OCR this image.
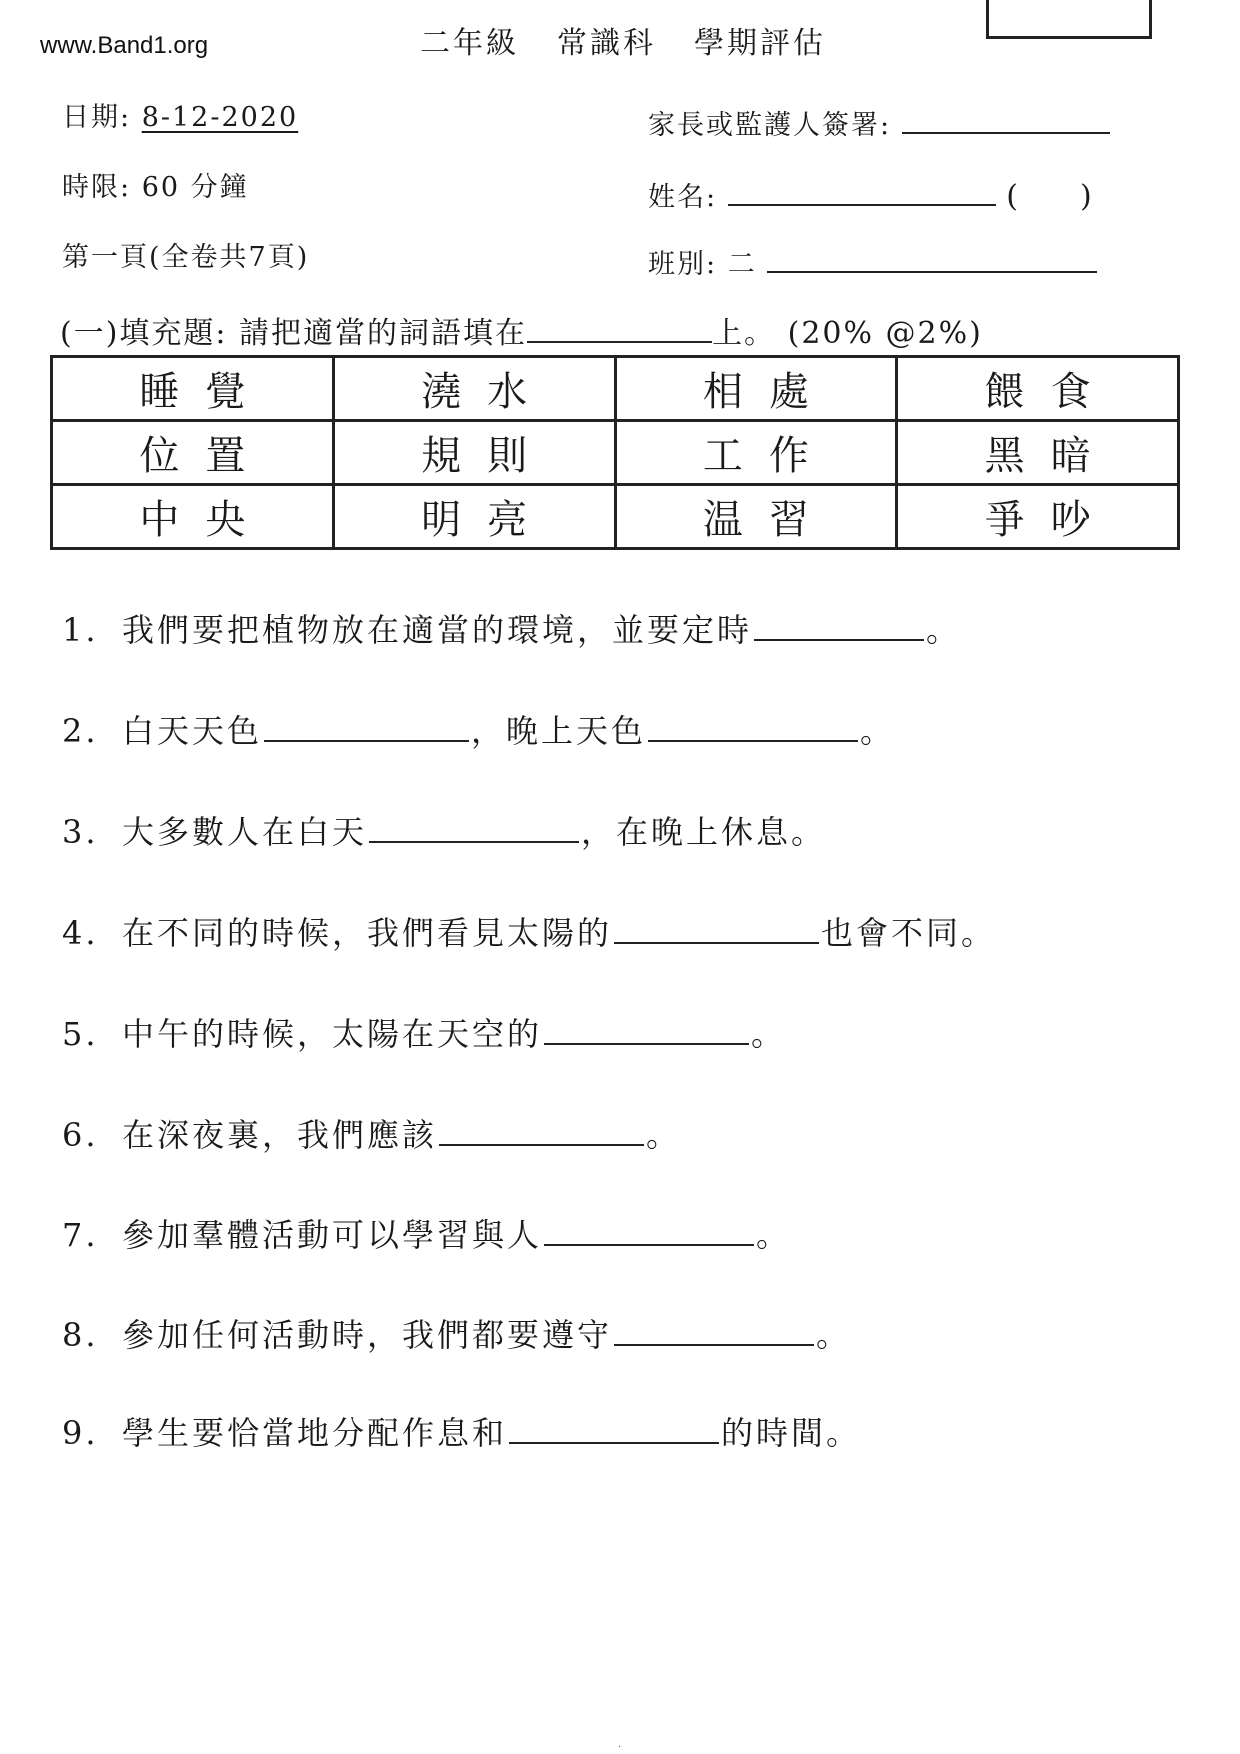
www.Band1.org	二年級 常識科 學期評估
日期: 8-12-2020
時限: 60 分鐘
第一頁(全卷共7頁)
家長或監護人簽署:
姓名:	( )
班別: 二
(一)填充題: 請把適當的詞語填在	上。 (20% @2%)
睡覺	澆水	相處	餵食
位置	規則	工作	黑暗
中央	明亮	温習	爭吵
1. 我們要把植物放在適當的環境，並要定時	。
2. 白天天色	，晚上天色	。
3. 大多數人在白天	，在晚上休息。
4. 在不同的時候，我們看見太陽的	也會不同。
5. 中午的時候，太陽在天空的	。
6. 在深夜裏，我們應該	。
7. 參加羣體活動可以學習與人	。
8. 參加任何活動時，我們都要遵守	。
9. 學生要恰當地分配作息和	的時間。
·
